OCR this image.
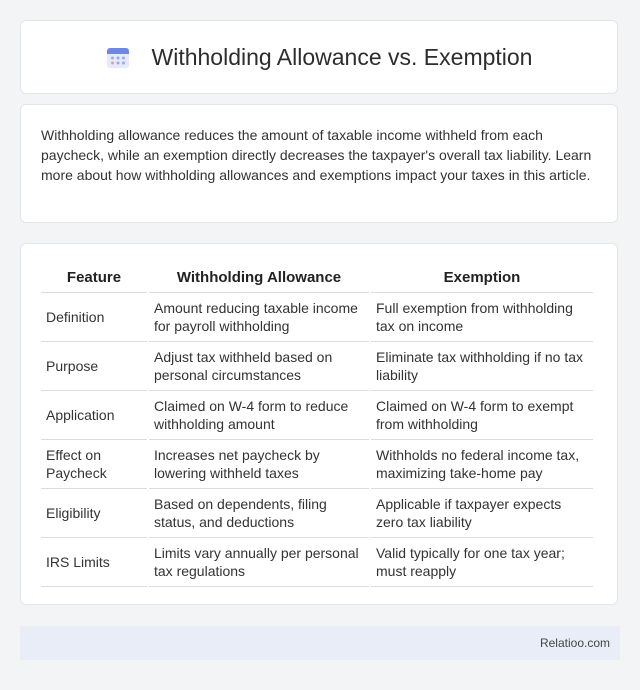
Withholding Allowance vs. Exemption

Withholding allowance reduces the amount of taxable income withheld from each paycheck, while an exemption directly decreases the taxpayer's overall tax liability. Learn more about how withholding allowances and exemptions impact your taxes in this article.

Feature	Withholding Allowance	Exemption
Definition	Amount reducing taxable income for payroll withholding	Full exemption from withholding tax on income
Purpose	Adjust tax withheld based on personal circumstances	Eliminate tax withholding if no tax liability
Application	Claimed on W-4 form to reduce withholding amount	Claimed on W-4 form to exempt from withholding
Effect on Paycheck	Increases net paycheck by lowering withheld taxes	Withholds no federal income tax, maximizing take-home pay
Eligibility	Based on dependents, filing status, and deductions	Applicable if taxpayer expects zero tax liability
IRS Limits	Limits vary annually per personal tax regulations	Valid typically for one tax year; must reapply
Relatioo.com
